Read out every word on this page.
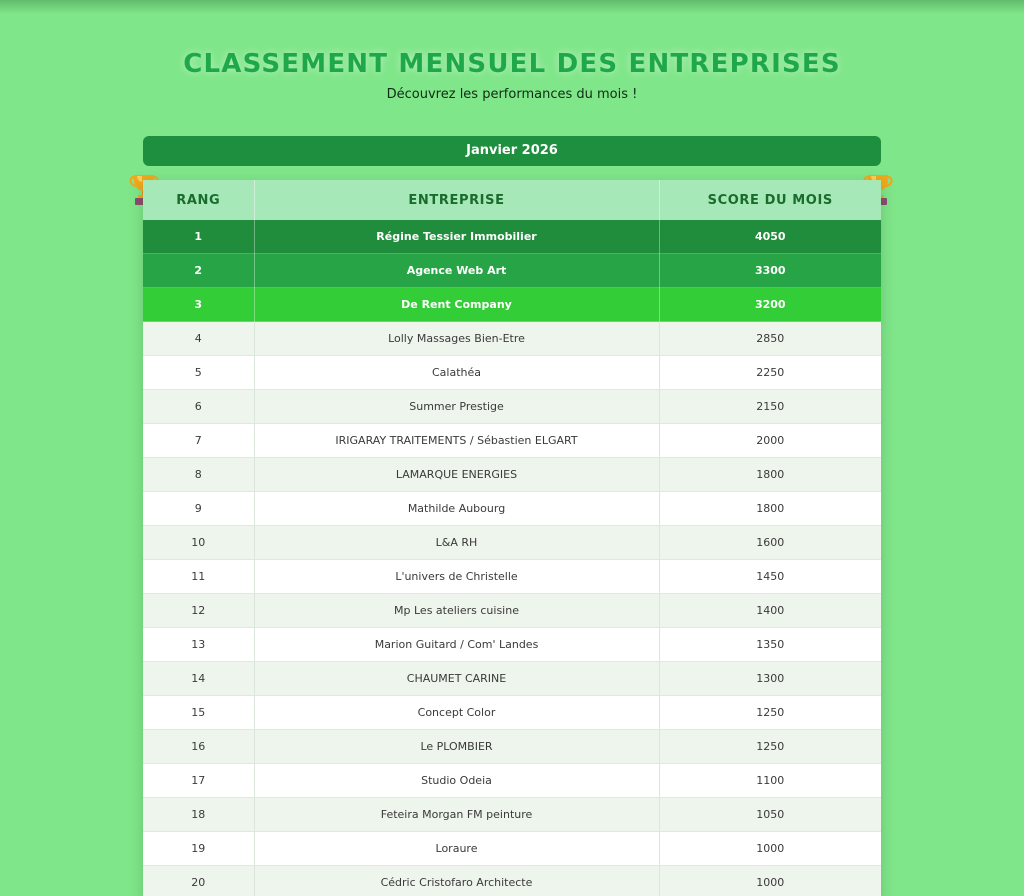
CLASSEMENT MENSUEL DES ENTREPRISES

Découvrez les performances du mois !

Janvier 2026
RANG	ENTREPRISE	SCORE DU MOIS
1	Régine Tessier Immobilier	4050
2	Agence Web Art	3300
3	De Rent Company	3200
4	Lolly Massages Bien-Etre	2850
5	Calathéa	2250
6	Summer Prestige	2150
7	IRIGARAY TRAITEMENTS / Sébastien ELGART	2000
8	LAMARQUE ENERGIES	1800
9	Mathilde Aubourg	1800
10	L&A RH	1600
11	L'univers de Christelle	1450
12	Mp Les ateliers cuisine	1400
13	Marion Guitard / Com' Landes	1350
14	CHAUMET CARINE	1300
15	Concept Color	1250
16	Le PLOMBIER	1250
17	Studio Odeia	1100
18	Feteira Morgan FM peinture	1050
19	Loraure	1000
20	Cédric Cristofaro Architecte	1000
